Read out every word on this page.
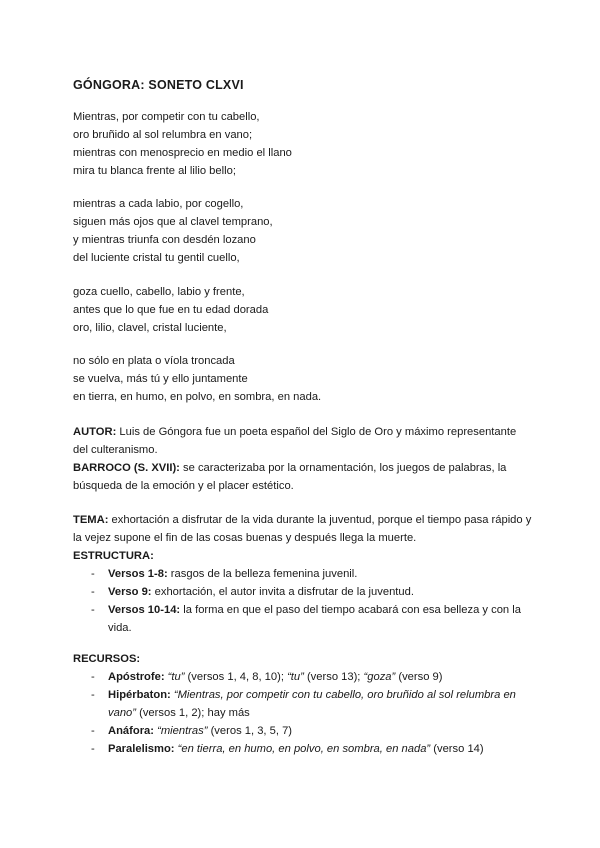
GÓNGORA: SONETO CLXVI
Mientras, por competir con tu cabello,
oro bruñido al sol relumbra en vano;
mientras con menosprecio en medio el llano
mira tu blanca frente al lilio bello;
mientras a cada labio, por cogello,
siguen más ojos que al clavel temprano,
y mientras triunfa con desdén lozano
del luciente cristal tu gentil cuello,
goza cuello, cabello, labio y frente,
antes que lo que fue en tu edad dorada
oro, lilio, clavel, cristal luciente,
no sólo en plata o víola troncada
se vuelva, más tú y ello juntamente
en tierra, en humo, en polvo, en sombra, en nada.

AUTOR: Luis de Góngora fue un poeta español del Siglo de Oro y máximo representante del culteranismo.

BARROCO (S. XVII): se caracterizaba por la ornamentación, los juegos de palabras, la búsqueda de la emoción y el placer estético.

TEMA: exhortación a disfrutar de la vida durante la juventud, porque el tiempo pasa rápido y la vejez supone el fin de las cosas buenas y después llega la muerte.

ESTRUCTURA:

- Versos 1-8: rasgos de la belleza femenina juvenil.
- Verso 9: exhortación, el autor invita a disfrutar de la juventud.
- Versos 10-14: la forma en que el paso del tiempo acabará con esa belleza y con la vida.

RECURSOS:

- Apóstrofe: “tu” (versos 1, 4, 8, 10); “tu” (verso 13); “goza” (verso 9)
- Hipérbaton: “Mientras, por competir con tu cabello, oro bruñido al sol relumbra en vano” (versos 1, 2); hay más
- Anáfora: “mientras” (veros 1, 3, 5, 7)
- Paralelismo: “en tierra, en humo, en polvo, en sombra, en nada” (verso 14)
